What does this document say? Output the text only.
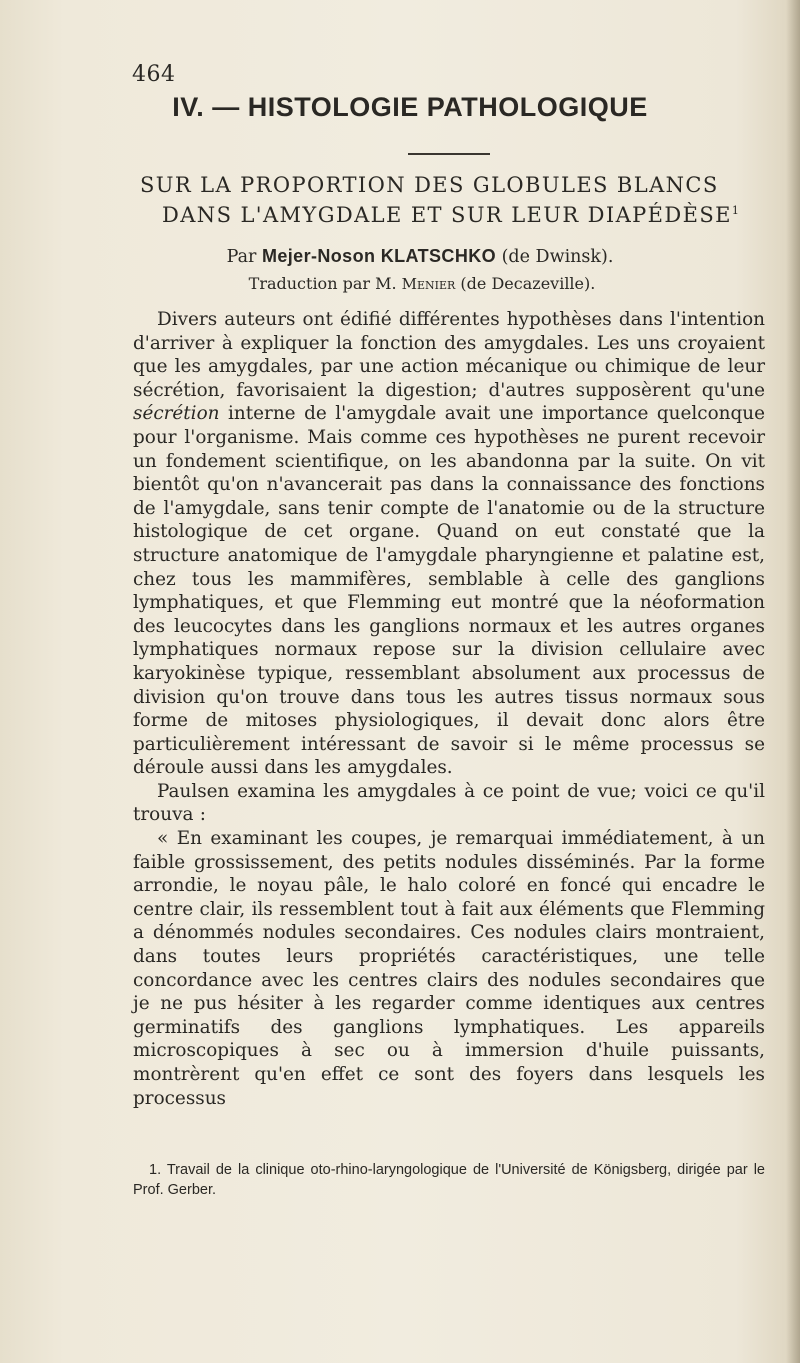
464
IV. — HISTOLOGIE PATHOLOGIQUE
SUR LA PROPORTION DES GLOBULES BLANCS
DANS L'AMYGDALE ET SUR LEUR DIAPÉDÈSE$^1$
Par Mejer-Noson KLATSCHKO (de Dwinsk).
Traduction par M. Menier (de Decazeville).

Divers auteurs ont édifié différentes hypothèses dans l'intention d'arriver à expliquer la fonction des amygdales. Les uns croyaient que les amygdales, par une action mécanique ou chimique de leur sécrétion, favorisaient la digestion; d'autres supposèrent qu'une sécrétion interne de l'amygdale avait une importance quelconque pour l'organisme. Mais comme ces hypothèses ne purent recevoir un fondement scientifique, on les abandonna par la suite. On vit bientôt qu'on n'avancerait pas dans la connaissance des fonctions de l'amygdale, sans tenir compte de l'anatomie ou de la structure histologique de cet organe. Quand on eut constaté que la structure anatomique de l'amygdale pharyngienne et palatine est, chez tous les mammifères, semblable à celle des ganglions lymphatiques, et que Flemming eut montré que la néoformation des leucocytes dans les ganglions normaux et les autres organes lymphatiques normaux repose sur la division cellulaire avec karyokinèse typique, ressemblant absolument aux processus de division qu'on trouve dans tous les autres tissus normaux sous forme de mitoses physiologiques, il devait donc alors être particulièrement intéressant de savoir si le même processus se déroule aussi dans les amygdales.

Paulsen examina les amygdales à ce point de vue; voici ce qu'il trouva :

« En examinant les coupes, je remarquai immédiatement, à un faible grossissement, des petits nodules disséminés. Par la forme arrondie, le noyau pâle, le halo coloré en foncé qui encadre le centre clair, ils ressemblent tout à fait aux éléments que Flemming a dénommés nodules secondaires. Ces nodules clairs montraient, dans toutes leurs propriétés caractéristiques, une telle concordance avec les centres clairs des nodules secondaires que je ne pus hésiter à les regarder comme identiques aux centres germinatifs des ganglions lymphatiques. Les appareils microscopiques à sec ou à immersion d'huile puissants, montrèrent qu'en effet ce sont des foyers dans lesquels les processus

1. Travail de la clinique oto-rhino-laryngologique de l'Université de Königsberg, dirigée par le Prof. Gerber.
